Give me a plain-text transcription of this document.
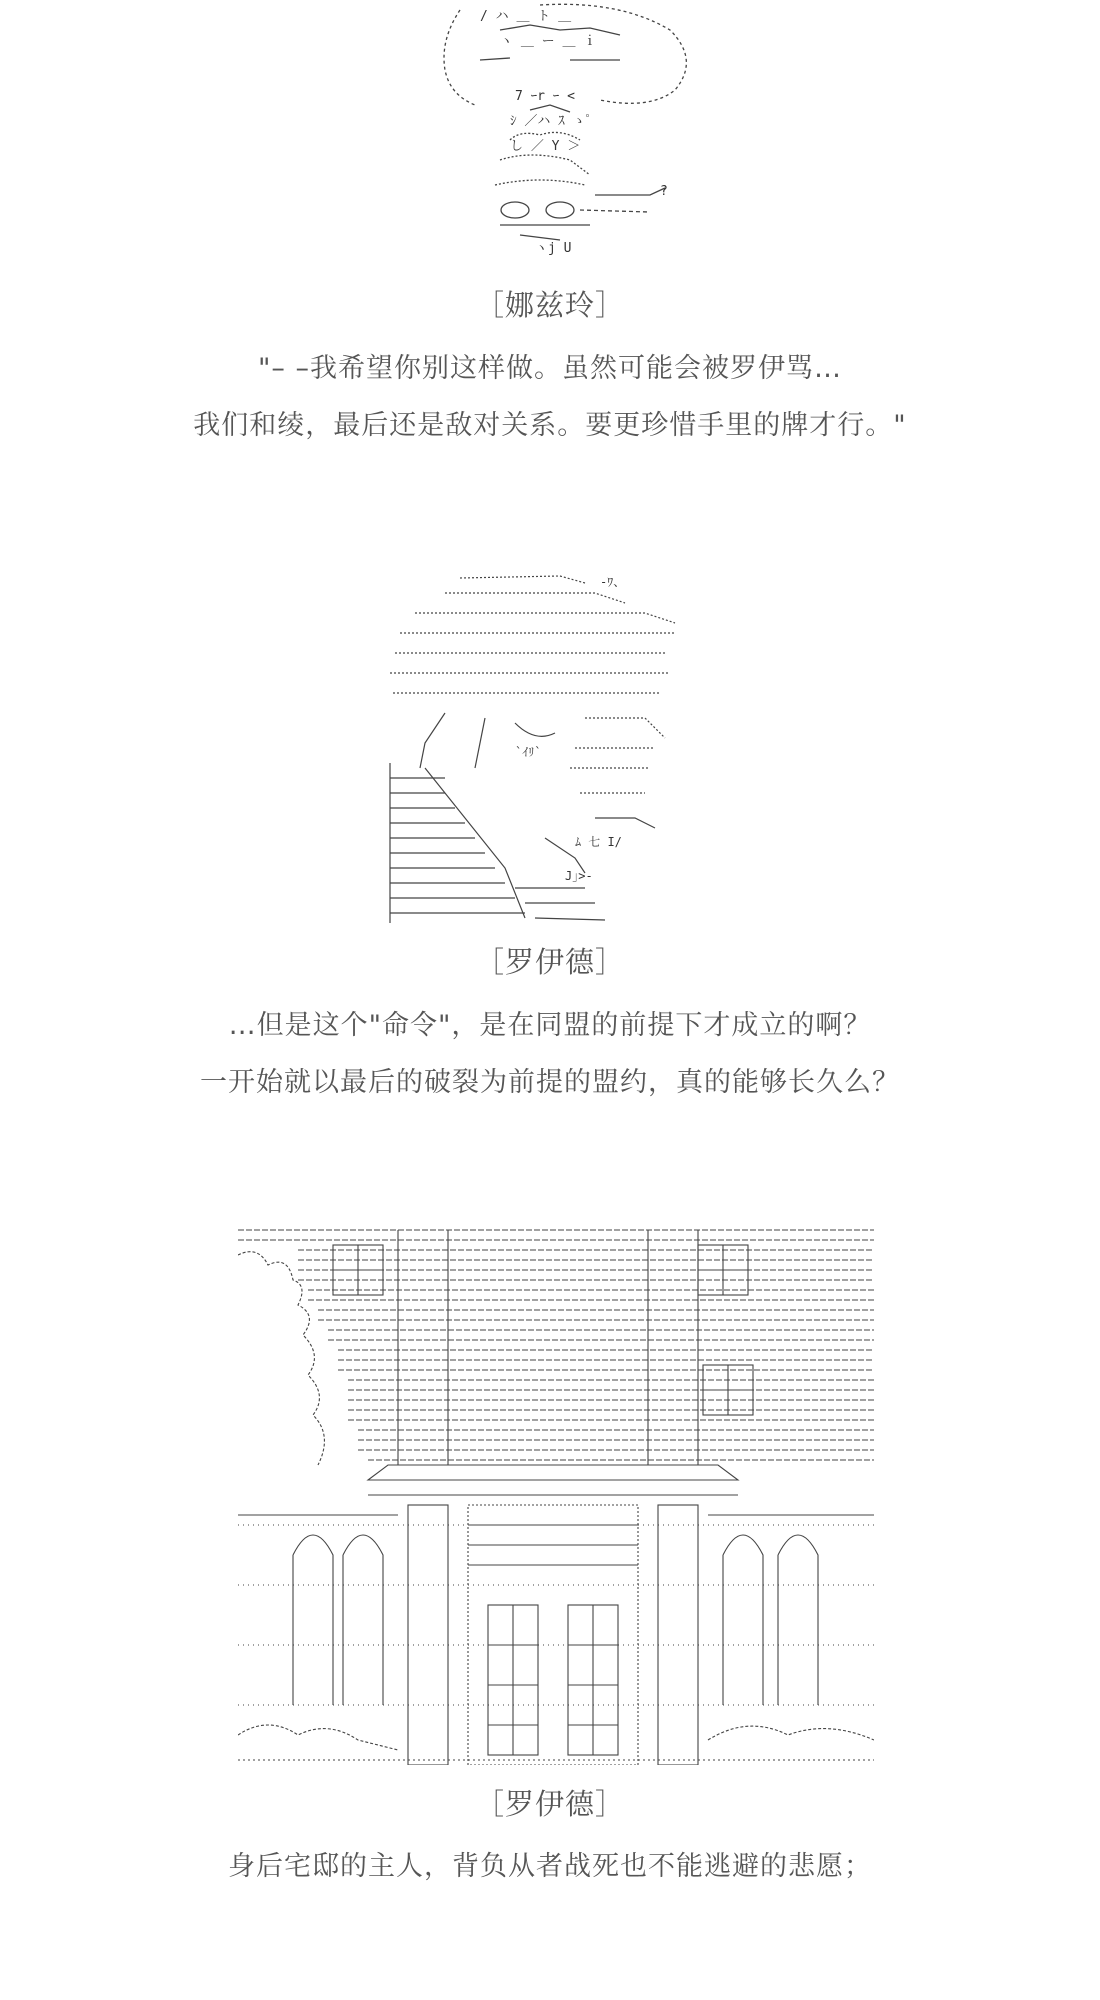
/ ハ ＿ ト ＿
ヽ ＿ ー ＿ ｉ
7 ｰr ｰ <
ｼ ／ハ ｽ ゝﾟ
し ／ Y ＞
ヽj U
?
［娜兹玲］
"– –我希望你别这样做。虽然可能会被罗伊骂…
我们和绫，最后还是敌对关系。要更珍惜手里的牌才行。"
-ﾜ、
`ｲﾘ`
ﾑ 七 I/
J｣>-
［罗伊德］
…但是这个"命令"，是在同盟的前提下才成立的啊？
一开始就以最后的破裂为前提的盟约，真的能够长久么？
［罗伊德］
身后宅邸的主人，背负从者战死也不能逃避的悲愿；
